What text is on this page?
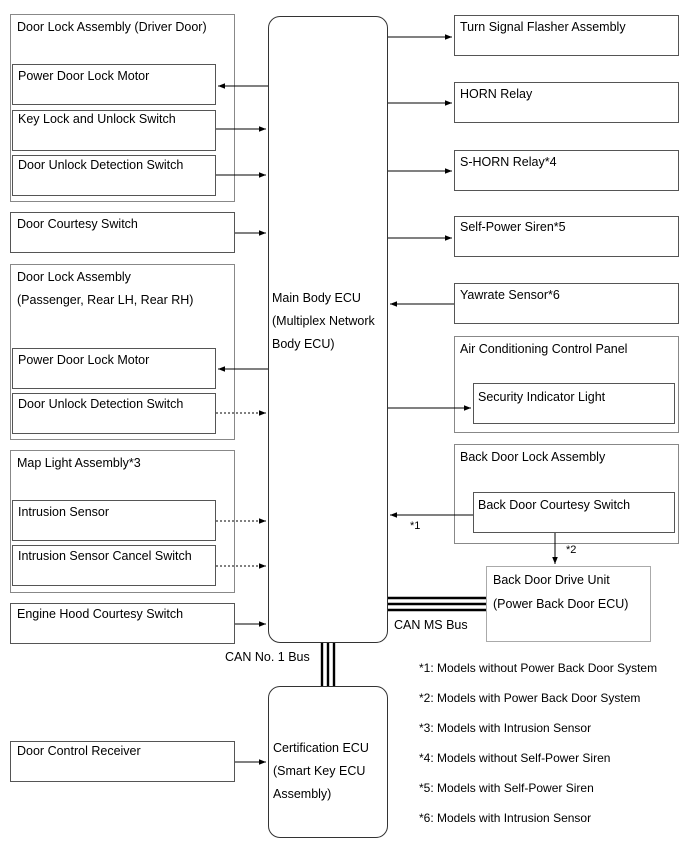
Door Lock Assembly (Driver Door)
Power Door Lock Motor
Key Lock and Unlock Switch
Door Unlock Detection Switch
Door Courtesy Switch
Door Lock Assembly
(Passenger, Rear LH, Rear RH)
Power Door Lock Motor
Door Unlock Detection Switch
Map Light Assembly*3
Intrusion Sensor
Intrusion Sensor Cancel Switch
Engine Hood Courtesy Switch
Door Control Receiver
Main Body ECU
(Multiplex Network
Body ECU)
Certification ECU
(Smart Key ECU
Assembly)
Turn Signal Flasher Assembly
HORN Relay
S-HORN Relay*4
Self-Power Siren*5
Yawrate Sensor*6
Air Conditioning Control Panel
Security Indicator Light
Back Door Lock Assembly
Back Door Courtesy Switch
Back Door Drive Unit
(Power Back Door ECU)
*1
*2
CAN MS Bus
CAN No. 1 Bus
*1: Models without Power Back Door System
*2: Models with Power Back Door System
*3: Models with Intrusion Sensor
*4: Models without Self-Power Siren
*5: Models with Self-Power Siren
*6: Models with Intrusion Sensor
